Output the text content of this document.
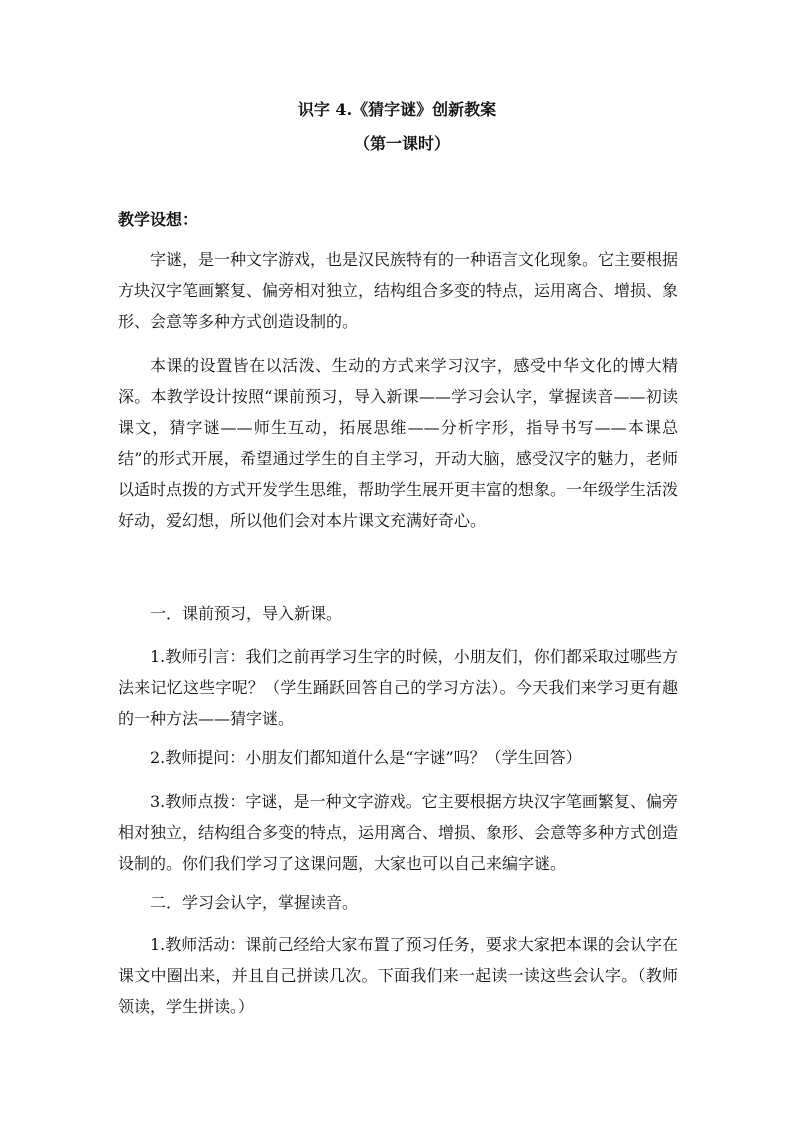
识字 4.《猜字谜》创新教案
（第一课时）

教学设想：

字谜，是一种文字游戏，也是汉民族特有的一种语言文化现象。它主要根据方块汉字笔画繁复、偏旁相对独立，结构组合多变的特点，运用离合、增损、象形、会意等多种方式创造设制的。

本课的设置皆在以活泼、生动的方式来学习汉字，感受中华文化的博大精深。本教学设计按照“课前预习，导入新课——学习会认字，掌握读音——初读课文，猜字谜——师生互动，拓展思维——分析字形，指导书写——本课总结”的形式开展，希望通过学生的自主学习，开动大脑，感受汉字的魅力，老师以适时点拨的方式开发学生思维，帮助学生展开更丰富的想象。一年级学生活泼好动，爱幻想，所以他们会对本片课文充满好奇心。

一．课前预习，导入新课。

1.教师引言：我们之前再学习生字的时候，小朋友们，你们都采取过哪些方法来记忆这些字呢？（学生踊跃回答自己的学习方法）。今天我们来学习更有趣的一种方法——猜字谜。

2.教师提问：小朋友们都知道什么是“字谜”吗？（学生回答）

3.教师点拨：字谜，是一种文字游戏。它主要根据方块汉字笔画繁复、偏旁相对独立，结构组合多变的特点，运用离合、增损、象形、会意等多种方式创造设制的。你们我们学习了这课问题，大家也可以自己来编字谜。

二．学习会认字，掌握读音。

1.教师活动：课前己经给大家布置了预习任务，要求大家把本课的会认字在课文中圈出来，并且自己拼读几次。下面我们来一起读一读这些会认字。（教师领读，学生拼读。）
